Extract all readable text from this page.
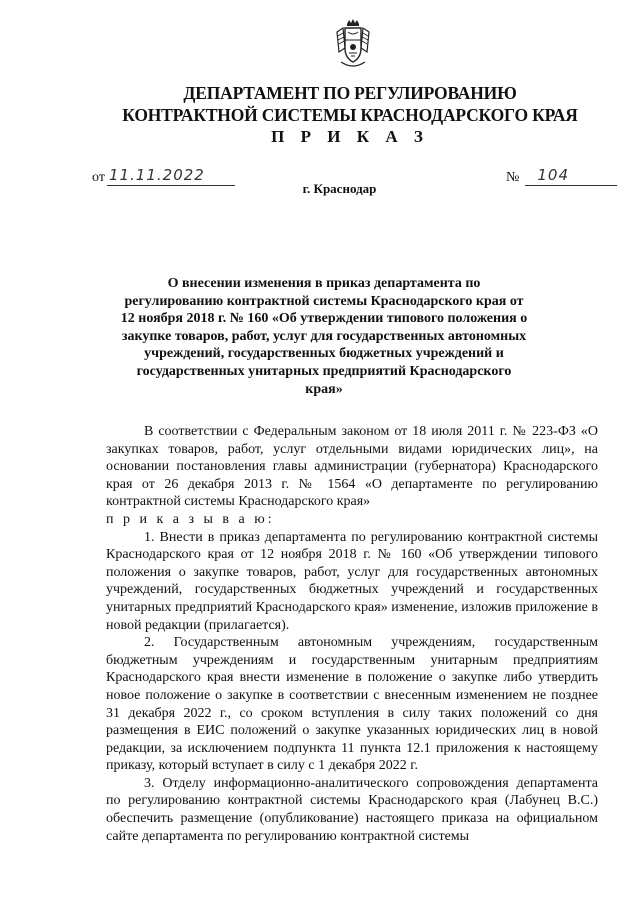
ДЕПАРТАМЕНТ ПО РЕГУЛИРОВАНИЮ
КОНТРАКТНОЙ СИСТЕМЫ КРАСНОДАРСКОГО КРАЯ
П Р И К А З
от 11.11.2022	№	104
г. Краснодар

О внесении изменения в приказ департамента по регулированию контрактной системы Краснодарского края от 12 ноября 2018 г. № 160 «Об утверждении типового положения о закупке товаров, работ, услуг для государственных автономных учреждений, государственных бюджетных учреждений и государственных унитарных предприятий Краснодарского края»

В соответствии с Федеральным законом от 18 июля 2011 г. № 223-ФЗ «О закупках товаров, работ, услуг отдельными видами юридических лиц», на основании постановления главы администрации (губернатора) Краснодарского края от 26 декабря 2013 г. № 1564 «О департаменте по регулированию контрактной системы Краснодарского края»

п р и к а з ы в а ю:

1. Внести в приказ департамента по регулированию контрактной системы Краснодарского края от 12 ноября 2018 г. № 160 «Об утверждении типового положения о закупке товаров, работ, услуг для государственных автономных учреждений, государственных бюджетных учреждений и государственных унитарных предприятий Краснодарского края» изменение, изложив приложение в новой редакции (прилагается).

2. Государственным автономным учреждениям, государственным бюджетным учреждениям и государственным унитарным предприятиям Краснодарского края внести изменение в положение о закупке либо утвердить новое положение о закупке в соответствии с внесенным изменением не позднее 31 декабря 2022 г., со сроком вступления в силу таких положений со дня размещения в ЕИС положений о закупке указанных юридических лиц в новой редакции, за исключением подпункта 11 пункта 12.1 приложения к настоящему приказу, который вступает в силу с 1 декабря 2022 г.

3. Отделу информационно-аналитического сопровождения департамента по регулированию контрактной системы Краснодарского края (Лабунец В.С.) обеспечить размещение (опубликование) настоящего приказа на официальном сайте департамента по регулированию контрактной системы
